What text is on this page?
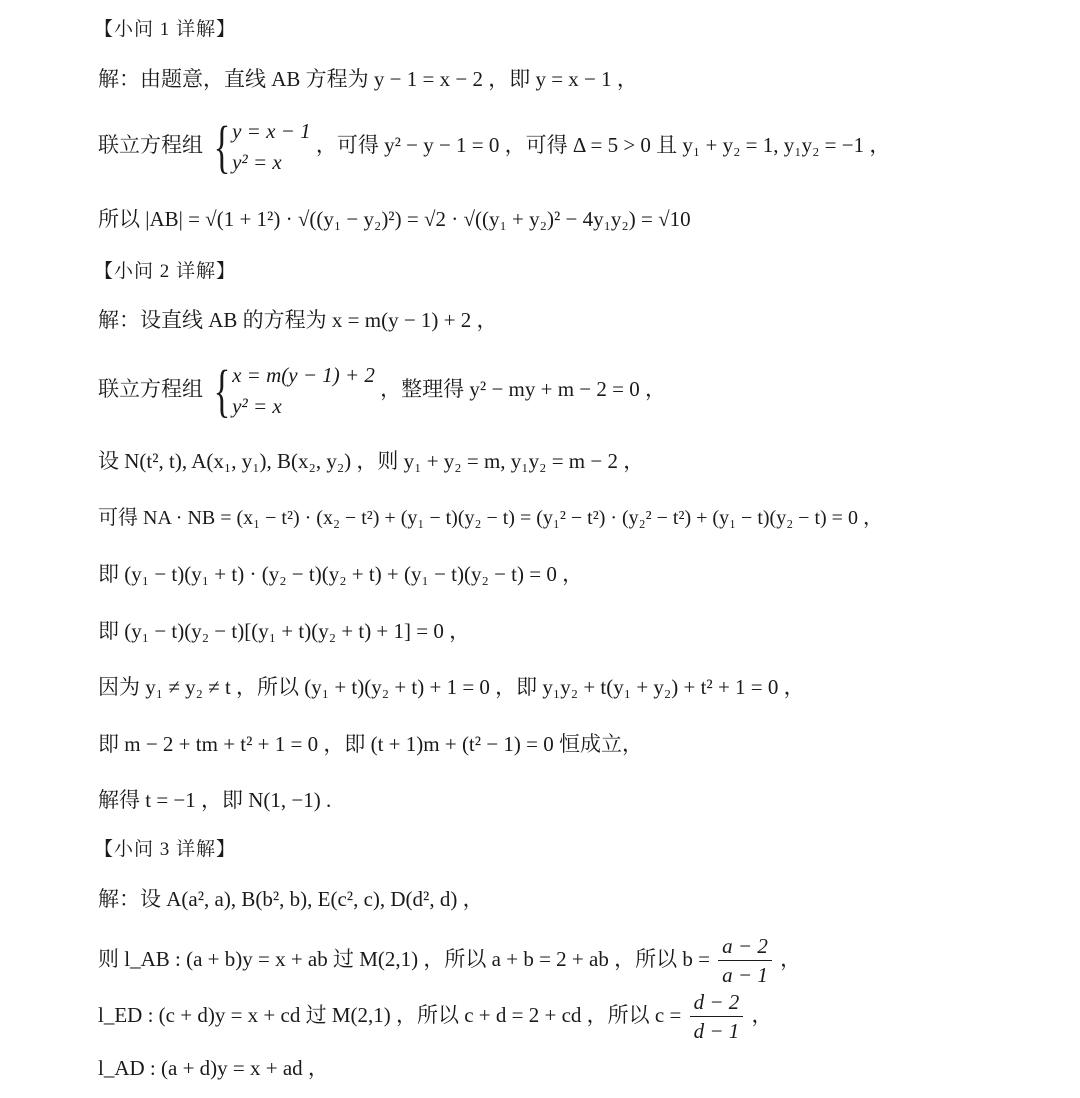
【小问 1 详解】
解：由题意，直线 AB 方程为 y − 1 = x − 2 ，即 y = x − 1 ，
联立方程组 { y = x − 1
y² = x
，可得 y² − y − 1 = 0 ，可得 Δ = 5 > 0 且 y₁ + y₂ = 1, y₁y₂ = −1 ，
所以 |AB| = √(1 + 1²) · √((y₁ − y₂)²) = √2 · √((y₁ + y₂)² − 4y₁y₂) = √10
【小问 2 详解】
解：设直线 AB 的方程为 x = m(y − 1) + 2 ，
联立方程组 { x = m(y − 1) + 2
y² = x
，整理得 y² − my + m − 2 = 0 ，
设 N(t², t), A(x₁, y₁), B(x₂, y₂) ，则 y₁ + y₂ = m, y₁y₂ = m − 2 ，
可得 NA · NB = (x₁ − t²) · (x₂ − t²) + (y₁ − t)(y₂ − t) = (y₁² − t²) · (y₂² − t²) + (y₁ − t)(y₂ − t) = 0 ，
即 (y₁ − t)(y₁ + t) · (y₂ − t)(y₂ + t) + (y₁ − t)(y₂ − t) = 0 ，
即 (y₁ − t)(y₂ − t)[(y₁ + t)(y₂ + t) + 1] = 0 ，
因为 y₁ ≠ y₂ ≠ t ，所以 (y₁ + t)(y₂ + t) + 1 = 0 ，即 y₁y₂ + t(y₁ + y₂) + t² + 1 = 0 ，
即 m − 2 + tm + t² + 1 = 0 ，即 (t + 1)m + (t² − 1) = 0 恒成立，
解得 t = −1 ，即 N(1, −1) .
【小问 3 详解】
解：设 A(a², a), B(b², b), E(c², c), D(d², d) ，
则 l_AB : (a + b)y = x + ab 过 M(2,1) ，所以 a + b = 2 + ab ，所以 $b = \frac{a - 2}{a - 1}$ ，
l_ED : (c + d)y = x + cd 过 M(2,1) ，所以 c + d = 2 + cd ，所以 $c = \frac{d - 2}{d - 1}$ ，
l_AD : (a + d)y = x + ad ，
